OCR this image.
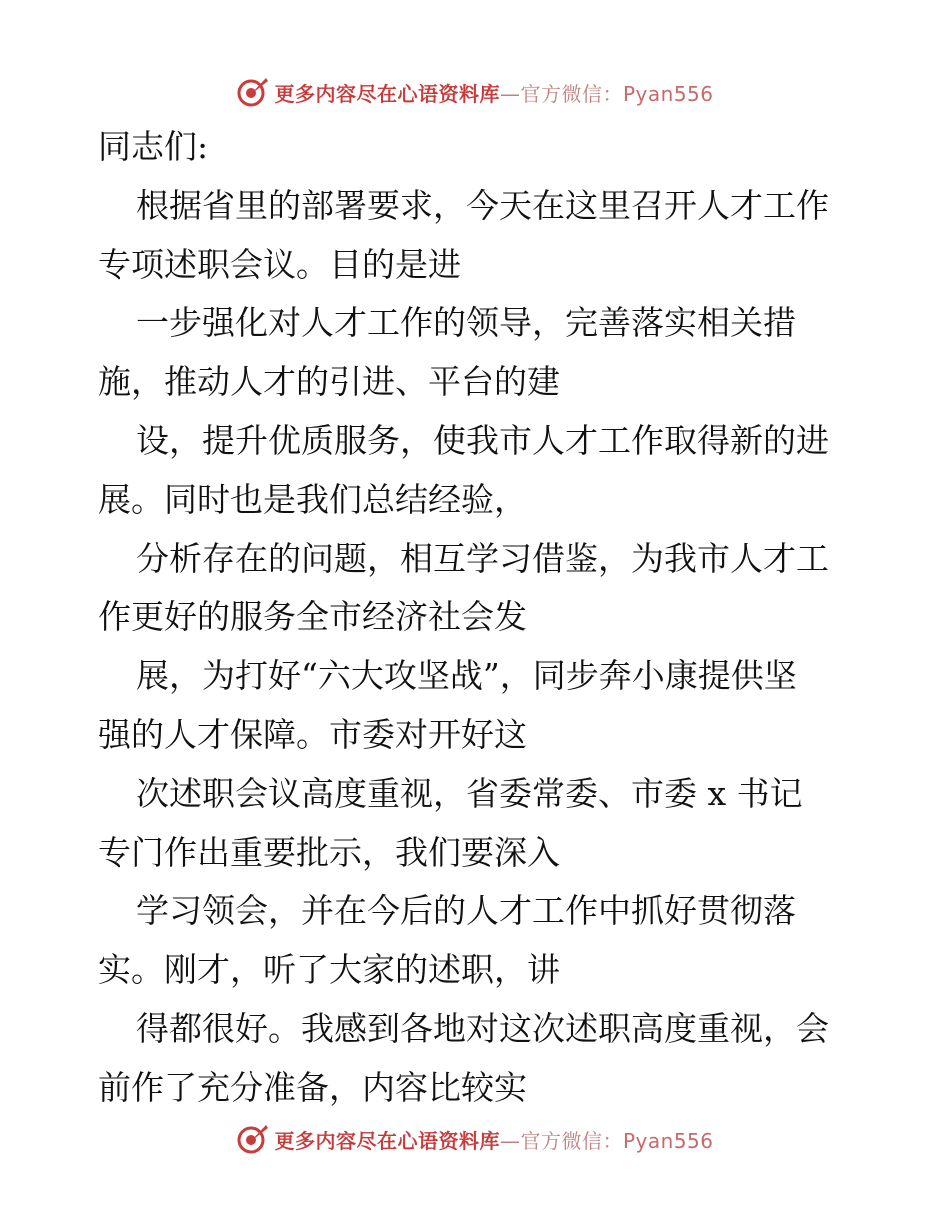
更多内容尽在心语资料库—官方微信：Pyan556
同志们:
根据省里的部署要求，今天在这里召开人才工作
专项述职会议。目的是进
一步强化对人才工作的领导，完善落实相关措
施，推动人才的引进、平台的建
设，提升优质服务，使我市人才工作取得新的进
展。同时也是我们总结经验，
分析存在的问题，相互学习借鉴，为我市人才工
作更好的服务全市经济社会发
展，为打好“六大攻坚战”，同步奔小康提供坚
强的人才保障。市委对开好这
次述职会议高度重视，省委常委、市委 x 书记
专门作出重要批示，我们要深入
学习领会，并在今后的人才工作中抓好贯彻落
实。刚才，听了大家的述职，讲
得都很好。我感到各地对这次述职高度重视，会
前作了充分准备，内容比较实
更多内容尽在心语资料库—官方微信：Pyan556
